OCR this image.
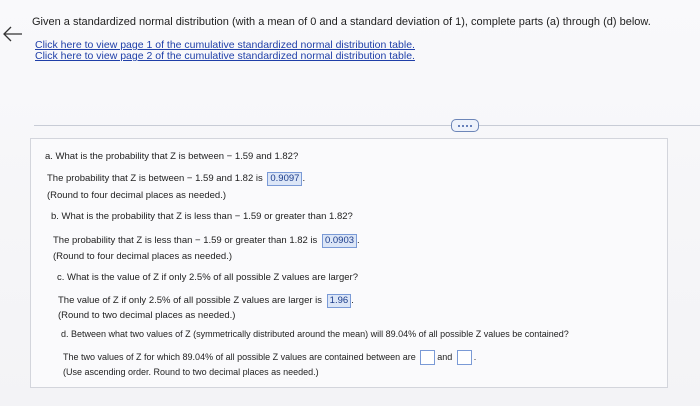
Given a standardized normal distribution (with a mean of 0 and a standard deviation of 1), complete parts (a) through (d) below.
Click here to view page 1 of the cumulative standardized normal distribution table.
Click here to view page 2 of the cumulative standardized normal distribution table.
a. What is the probability that Z is between − 1.59 and 1.82?
The probability that Z is between − 1.59 and 1.82 is 0.9097 .
(Round to four decimal places as needed.)
b. What is the probability that Z is less than − 1.59 or greater than 1.82?
The probability that Z is less than − 1.59 or greater than 1.82 is 0.0903 .
(Round to four decimal places as needed.)
c. What is the value of Z if only 2.5% of all possible Z values are larger?
The value of Z if only 2.5% of all possible Z values are larger is 1.96 .
(Round to two decimal places as needed.)
d. Between what two values of Z (symmetrically distributed around the mean) will 89.04% of all possible Z values be contained?
The two values of Z for which 89.04% of all possible Z values are contained between are and .
(Use ascending order. Round to two decimal places as needed.)
